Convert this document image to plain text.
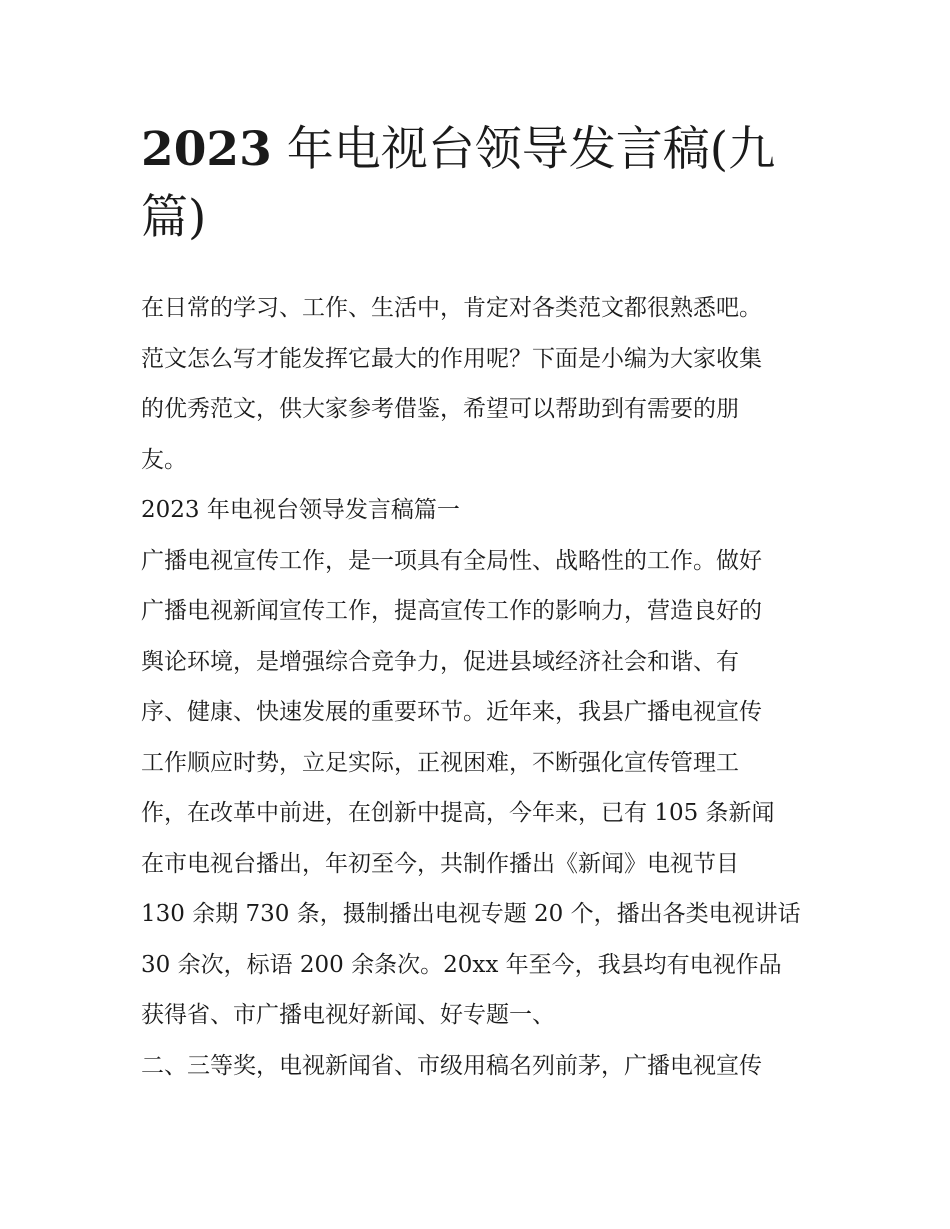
2023 年电视台领导发言稿(九
篇)

在日常的学习、工作、生活中，肯定对各类范文都很熟悉吧。
范文怎么写才能发挥它最大的作用呢？下面是小编为大家收集
的优秀范文，供大家参考借鉴，希望可以帮助到有需要的朋
友。

2023 年电视台领导发言稿篇一

广播电视宣传工作，是一项具有全局性、战略性的工作。做好
广播电视新闻宣传工作，提高宣传工作的影响力，营造良好的
舆论环境，是增强综合竞争力，促进县域经济社会和谐、有
序、健康、快速发展的重要环节。近年来，我县广播电视宣传
工作顺应时势，立足实际，正视困难，不断强化宣传管理工
作，在改革中前进，在创新中提高，今年来，已有 105 条新闻
在市电视台播出，年初至今，共制作播出《新闻》电视节目
130 余期 730 条，摄制播出电视专题 20 个，播出各类电视讲话
30 余次，标语 200 余条次。20xx 年至今，我县均有电视作品
获得省、市广播电视好新闻、好专题一、

二、三等奖，电视新闻省、市级用稿名列前茅，广播电视宣传
